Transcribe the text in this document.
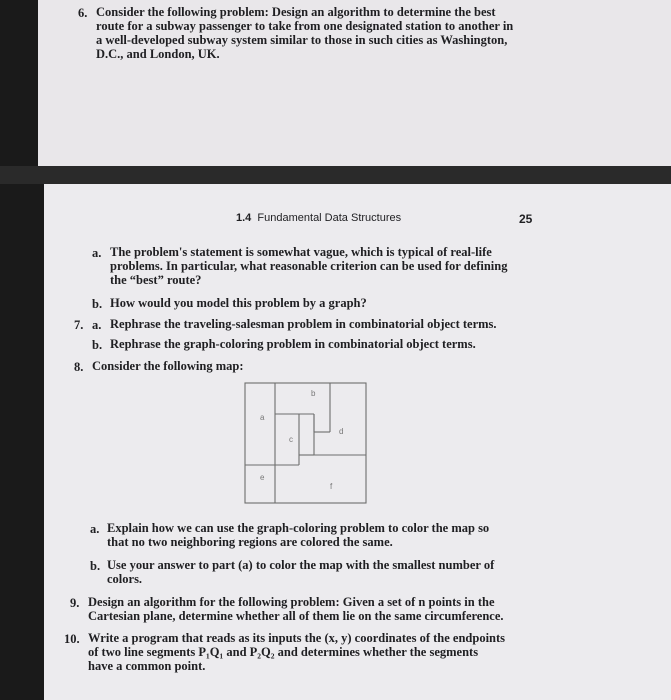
6. Consider the following problem: Design an algorithm to determine the best
route for a subway passenger to take from one designated station to another in
a well-developed subway system similar to those in such cities as Washington,
D.C., and London, UK.
1.4 Fundamental Data Structures	25
a. The problem's statement is somewhat vague, which is typical of real-life
problems. In particular, what reasonable criterion can be used for defining
the “best” route?
b. How would you model this problem by a graph?
7. a. Rephrase the traveling-salesman problem in combinatorial object terms.
b. Rephrase the graph-coloring problem in combinatorial object terms.
8. Consider the following map:
b
a
d
c
e
f
a. Explain how we can use the graph-coloring problem to color the map so
that no two neighboring regions are colored the same.
b. Use your answer to part (a) to color the map with the smallest number of
colors.
9. Design an algorithm for the following problem: Given a set of n points in the
Cartesian plane, determine whether all of them lie on the same circumference.
10. Write a program that reads as its inputs the (x, y) coordinates of the endpoints
of two line segments P₁Q₁ and P₂Q₂ and determines whether the segments
have a common point.
